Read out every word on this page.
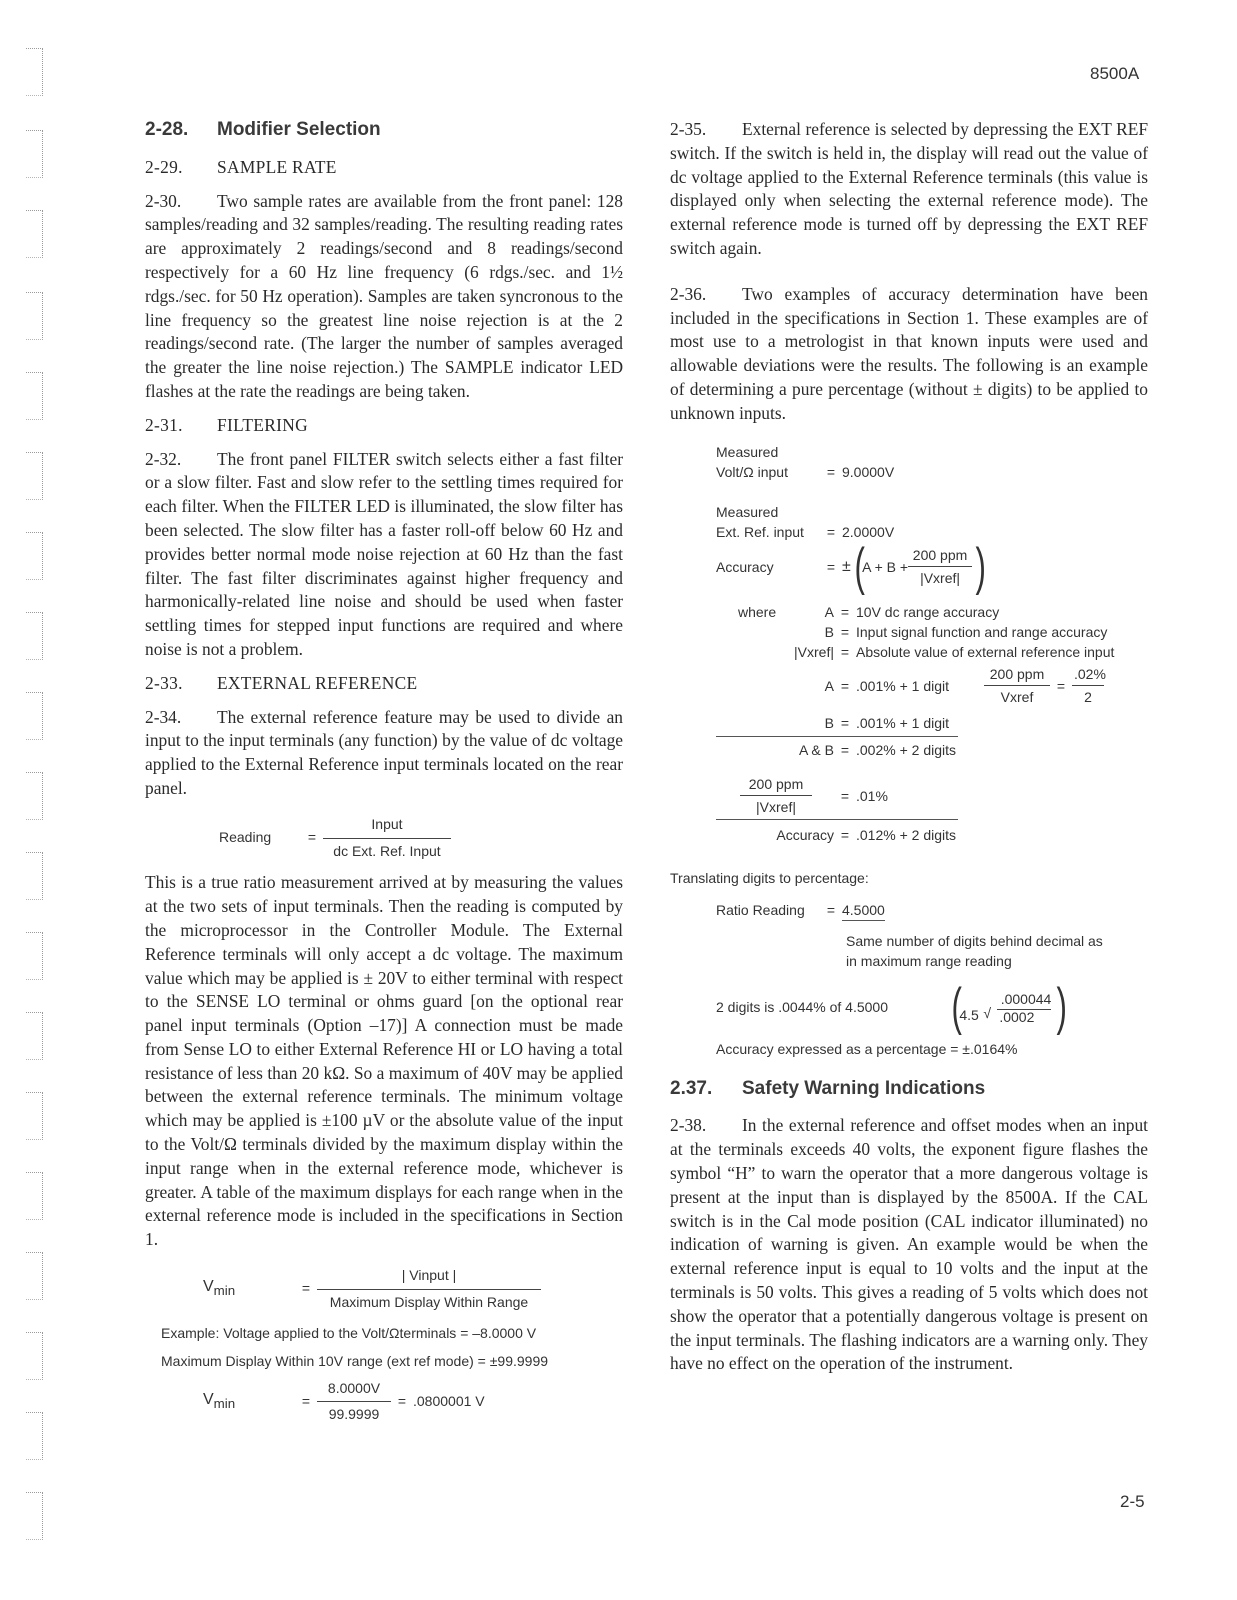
8500A
2-28. Modifier Selection
2-29. SAMPLE RATE

2-30. Two sample rates are available from the front panel: 128 samples/reading and 32 samples/reading. The resulting reading rates are approximately 2 readings/second and 8 readings/second respectively for a 60 Hz line frequency (6 rdgs./sec. and 1½ rdgs./sec. for 50 Hz operation). Samples are taken syncronous to the line frequency so the greatest line noise rejection is at the 2 readings/second rate. (The larger the number of samples averaged the greater the line noise rejection.) The SAMPLE indicator LED flashes at the rate the readings are being taken.

2-31. FILTERING

2-32. The front panel FILTER switch selects either a fast filter or a slow filter. Fast and slow refer to the settling times required for each filter. When the FILTER LED is illuminated, the slow filter has been selected. The slow filter has a faster roll-off below 60 Hz and provides better normal mode noise rejection at 60 Hz than the fast filter. The fast filter discriminates against higher frequency and harmonically-related line noise and should be used when faster settling times for stepped input functions are required and where noise is not a problem.

2-33. EXTERNAL REFERENCE

2-34. The external reference feature may be used to divide an input to the input terminals (any function) by the value of dc voltage applied to the External Reference input terminals located on the rear panel.

Reading	= $\frac{\text{Input}}{\text{dc Ext. Ref. Input}}$

This is a true ratio measurement arrived at by measuring the values at the two sets of input terminals. Then the reading is computed by the microprocessor in the Controller Module. The External Reference terminals will only accept a dc voltage. The maximum value which may be applied is ± 20V to either terminal with respect to the SENSE LO terminal or ohms guard [on the optional rear panel input terminals (Option –17)] A connection must be made from Sense LO to either External Reference HI or LO having a total resistance of less than 20 kΩ. So a maximum of 40V may be applied between the external reference terminals. The minimum voltage which may be applied is ±100 µV or the absolute value of the input to the Volt/Ω terminals divided by the maximum display within the input range when in the external reference mode, whichever is greater. A table of the maximum displays for each range when in the external reference mode is included in the specifications in Section 1.

$V_{min}$	= $\frac{\text{| Vinput |}}{\text{Maximum Display Within Range}}$
Example: Voltage applied to the Volt/Ωterminals = –8.0000 V
Maximum Display Within 10V range (ext ref mode) = ±99.9999
$V_{min}$	= $\frac{8.0000V}{99.9999} = .0800001$ V

2-35. External reference is selected by depressing the EXT REF switch. If the switch is held in, the display will read out the value of dc voltage applied to the External Reference terminals (this value is displayed only when selecting the external reference mode). The external reference mode is turned off by depressing the EXT REF switch again.

2-36. Two examples of accuracy determination have been included in the specifications in Section 1. These examples are of most use to a metrologist in that known inputs were used and allowable deviations were the results. The following is an example of determining a pure percentage (without ± digits) to be applied to unknown inputs.

Measured
Volt/Ω input	= 9.0000V
Measured
Ext. Ref. input	= 2.0000V
Accuracy	= ± (
$A + B + \frac{\text{200 ppm}}{\text{|Vxref|}}$ )
where	A = 10V dc range accuracy
B = Input signal function and range accuracy
|Vxref| = Absolute value of external reference input
A = .001% + 1 digit	$\frac{\text{200 ppm}}{\text{Vxref}} = \frac{.02\%}{2}$
B = .001% + 1 digit
A & B = .002% + 2 digits
$\frac{\text{200 ppm}}{\text{|Vxref|}}$	= .01%
Accuracy = .012% + 2 digits
Translating digits to percentage:
Ratio Reading	= 4.5000
Same number of digits behind decimal as
in maximum range reading
2 digits is .0044% of 4.5000	(
4.5 √
.000044
.0002 )
Accuracy expressed as a percentage = ±.0164%
2.37. Safety Warning Indications

2-38. In the external reference and offset modes when an input at the terminals exceeds 40 volts, the exponent figure flashes the symbol “H” to warn the operator that a more dangerous voltage is present at the input than is displayed by the 8500A. If the CAL switch is in the Cal mode position (CAL indicator illuminated) no indication of warning is given. An example would be when the external reference input is equal to 10 volts and the input at the terminals is 50 volts. This gives a reading of 5 volts which does not show the operator that a potentially dangerous voltage is present on the input terminals. The flashing indicators are a warning only. They have no effect on the operation of the instrument.

2-5
